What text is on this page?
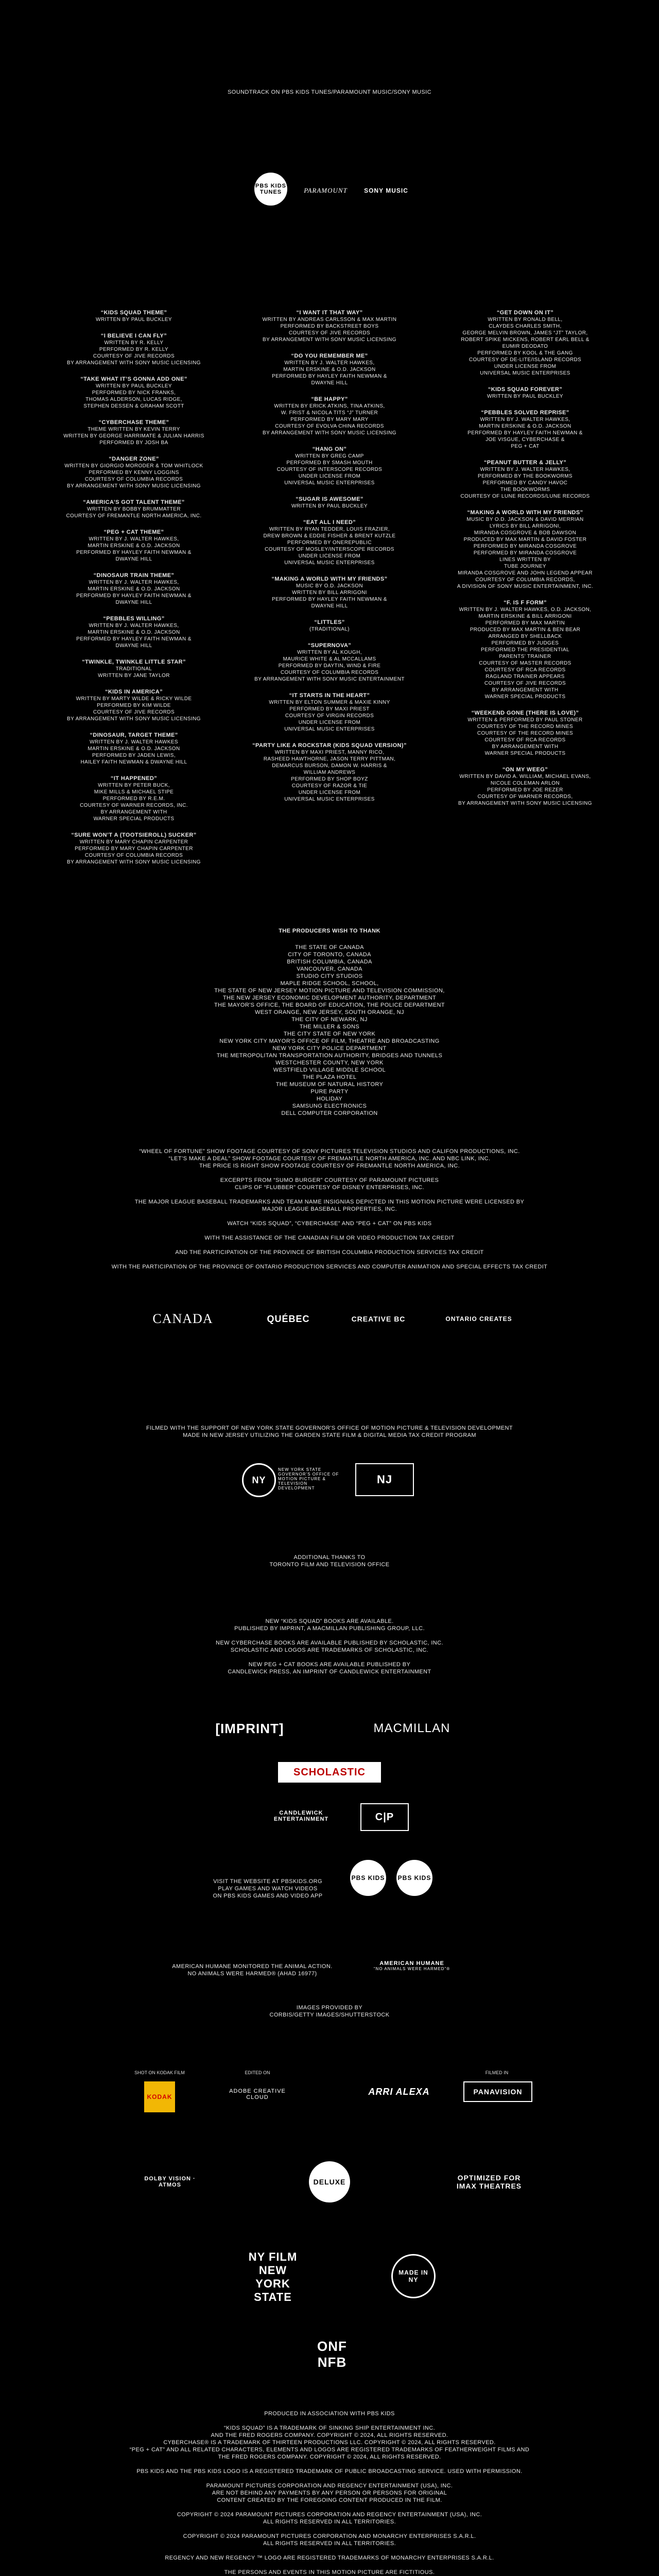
SOUNDTRACK ON PBS KIDS TUNES/PARAMOUNT MUSIC/SONY MUSIC
PBS KIDS TUNES	PARAMOUNT	SONY MUSIC
“KIDS SQUAD THEME”
WRITTEN BY PAUL BUCKLEY
“I BELIEVE I CAN FLY”
WRITTEN BY R. KELLY
PERFORMED BY R. KELLY
COURTESY OF JIVE RECORDS
BY ARRANGEMENT WITH SONY MUSIC LICENSING
“TAKE WHAT IT’S GONNA ADD ONE”
WRITTEN BY PAUL BUCKLEY
PERFORMED BY NICK FRANKS,
THOMAS ALDERSON, LUCAS RIDGE,
STEPHEN DESSEN & GRAHAM SCOTT
“CYBERCHASE THEME”
THEME WRITTEN BY KEVIN TERRY
WRITTEN BY GEORGE HARRIMATE & JULIAN HARRIS
PERFORMED BY JOSH BA
“DANGER ZONE”
WRITTEN BY GIORGIO MORODER & TOM WHITLOCK
PERFORMED BY KENNY LOGGINS
COURTESY OF COLUMBIA RECORDS
BY ARRANGEMENT WITH SONY MUSIC LICENSING
“AMERICA’S GOT TALENT THEME”
WRITTEN BY BOBBY BRUMMATTER
COURTESY OF FREMANTLE NORTH AMERICA, INC.
“PEG + CAT THEME”
WRITTEN BY J. WALTER HAWKES,
MARTIN ERSKINE & O.D. JACKSON
PERFORMED BY HAYLEY FAITH NEWMAN &
DWAYNE HILL
“DINOSAUR TRAIN THEME”
WRITTEN BY J. WALTER HAWKES,
MARTIN ERSKINE & O.D. JACKSON
PERFORMED BY HAYLEY FAITH NEWMAN &
DWAYNE HILL
“PEBBLES WILLING”
WRITTEN BY J. WALTER HAWKES,
MARTIN ERSKINE & O.D. JACKSON
PERFORMED BY HAYLEY FAITH NEWMAN &
DWAYNE HILL
“TWINKLE, TWINKLE LITTLE STAR”
TRADITIONAL
WRITTEN BY JANE TAYLOR
“KIDS IN AMERICA”
WRITTEN BY MARTY WILDE & RICKY WILDE
PERFORMED BY KIM WILDE
COURTESY OF JIVE RECORDS
BY ARRANGEMENT WITH SONY MUSIC LICENSING
“DINOSAUR, TARGET THEME”
WRITTEN BY J. WALTER HAWKES
MARTIN ERSKINE & O.D. JACKSON
PERFORMED BY JADEN LEWIS,
HAILEY FAITH NEWMAN & DWAYNE HILL
“IT HAPPENED”
WRITTEN BY PETER BUCK,
MIKE MILLS & MICHAEL STIPE
PERFORMED BY R.E.M.
COURTESY OF WARNER RECORDS, INC.
BY ARRANGEMENT WITH
WARNER SPECIAL PRODUCTS
“SURE WON’T A (TOOTSIEROLL) SUCKER”
WRITTEN BY MARY CHAPIN CARPENTER
PERFORMED BY MARY CHAPIN CARPENTER
COURTESY OF COLUMBIA RECORDS
BY ARRANGEMENT WITH SONY MUSIC LICENSING
“I WANT IT THAT WAY”
WRITTEN BY ANDREAS CARLSSON & MAX MARTIN
PERFORMED BY BACKSTREET BOYS
COURTESY OF JIVE RECORDS
BY ARRANGEMENT WITH SONY MUSIC LICENSING
“DO YOU REMEMBER ME”
WRITTEN BY J. WALTER HAWKES,
MARTIN ERSKINE & O.D. JACKSON
PERFORMED BY HAYLEY FAITH NEWMAN &
DWAYNE HILL
“BE HAPPY”
WRITTEN BY ERICK ATKINS, TINA ATKINS,
W. FRIST & NICOLA TITS “J” TURNER
PERFORMED BY MARY MARY
COURTESY OF EVOLVA CHINA RECORDS
BY ARRANGEMENT WITH SONY MUSIC LICENSING
“HANG ON”
WRITTEN BY GREG CAMP
PERFORMED BY SMASH MOUTH
COURTESY OF INTERSCOPE RECORDS
UNDER LICENSE FROM
UNIVERSAL MUSIC ENTERPRISES
“SUGAR IS AWESOME”
WRITTEN BY PAUL BUCKLEY
“EAT ALL I NEED”
WRITTEN BY RYAN TEDDER, LOUIS FRAZIER,
DREW BROWN & EDDIE FISHER & BRENT KUTZLE
PERFORMED BY ONEREPUBLIC
COURTESY OF MOSLEY/INTERSCOPE RECORDS
UNDER LICENSE FROM
UNIVERSAL MUSIC ENTERPRISES
“MAKING A WORLD WITH MY FRIENDS”
MUSIC BY O.D. JACKSON
WRITTEN BY BILL ARRIGONI
PERFORMED BY HAYLEY FAITH NEWMAN &
DWAYNE HILL
“LITTLES”
(TRADITIONAL)
“SUPERNOVA”
WRITTEN BY AL KOUGH,
MAURICE WHITE & AL MCCALLAMS
PERFORMED BY DAYTIN, WIND & FIRE
COURTESY OF COLUMBIA RECORDS
BY ARRANGEMENT WITH SONY MUSIC ENTERTAINMENT
“IT STARTS IN THE HEART”
WRITTEN BY ELTON SUMMER & MAXIE KINNY
PERFORMED BY MAXI PRIEST
COURTESY OF VIRGIN RECORDS
UNDER LICENSE FROM
UNIVERSAL MUSIC ENTERPRISES
“PARTY LIKE A ROCKSTAR (KIDS SQUAD VERSION)”
WRITTEN BY MAXI PRIEST, MANNY RICO,
RASHEED HAWTHORNE, JASON TERRY PITTMAN,
DEMARCUS BURSON, DAMON W. HARRIS &
WILLIAM ANDREWS
PERFORMED BY SHOP BOYZ
COURTESY OF RAZOR & TIE
UNDER LICENSE FROM
UNIVERSAL MUSIC ENTERPRISES
“GET DOWN ON IT”
WRITTEN BY RONALD BELL,
CLAYDES CHARLES SMITH,
GEORGE MELVIN BROWN, JAMES “JT” TAYLOR,
ROBERT SPIKE MICKENS, ROBERT EARL BELL &
EUMIR DEODATO
PERFORMED BY KOOL & THE GANG
COURTESY OF DE-LITE/ISLAND RECORDS
UNDER LICENSE FROM
UNIVERSAL MUSIC ENTERPRISES
“KIDS SQUAD FOREVER”
WRITTEN BY PAUL BUCKLEY
“PEBBLES SOLVED REPRISE”
WRITTEN BY J. WALTER HAWKES,
MARTIN ERSKINE & O.D. JACKSON
PERFORMED BY HAYLEY FAITH NEWMAN &
JOE VISGUE, CYBERCHASE &
PEG + CAT
“PEANUT BUTTER & JELLY”
WRITTEN BY J. WALTER HAWKES,
PERFORMED BY THE BOOKWORMS
PERFORMED BY CANDY HAVOC
THE BOOKWORMS
COURTESY OF LUNE RECORDS/LUNE RECORDS
“MAKING A WORLD WITH MY FRIENDS”
MUSIC BY O.D. JACKSON & DAVID MERRIAN
LYRICS BY BILL ARRIGONI,
MIRANDA COSGROVE & BOB DAWSON
PRODUCED BY MAX MARTIN & DAVID FOSTER
PERFORMED BY MIRANDA COSGROVE
PERFORMED BY MIRANDA COSGROVE
LINES WRITTEN BY
TUBE JOURNEY
MIRANDA COSGROVE AND JOHN LEGEND APPEAR
COURTESY OF COLUMBIA RECORDS,
A DIVISION OF SONY MUSIC ENTERTAINMENT, INC.
“F. IS F FORM”
WRITTEN BY J. WALTER HAWKES, O.D. JACKSON,
MARTIN ERSKINE & BILL ARRIGONI
PERFORMED BY MAX MARTIN
PRODUCED BY MAX MARTIN & BEN BEAR
ARRANGED BY SHELLBACK
PERFORMED BY JUDGES
PERFORMED THE PRESIDENTIAL
PARENTS’ TRAINER
COURTESY OF MASTER RECORDS
COURTESY OF RCA RECORDS
RAGLAND TRAINER APPEARS
COURTESY OF JIVE RECORDS
BY ARRANGEMENT WITH
WARNER SPECIAL PRODUCTS
“WEEKEND GONE (THERE IS LOVE)”
WRITTEN & PERFORMED BY PAUL STONER
COURTESY OF THE RECORD MINES
COURTESY OF THE RECORD MINES
COURTESY OF RCA RECORDS
BY ARRANGEMENT WITH
WARNER SPECIAL PRODUCTS
“ON MY WEEG”
WRITTEN BY DAVID A. WILLIAM, MICHAEL EVANS,
NICOLE COLEMAN ARLON
PERFORMED BY JOE REZER
COURTESY OF WARNER RECORDS,
BY ARRANGEMENT WITH SONY MUSIC LICENSING
THE PRODUCERS WISH TO THANK
THE STATE OF CANADA
CITY OF TORONTO, CANADA
BRITISH COLUMBIA, CANADA
VANCOUVER, CANADA
STUDIO CITY STUDIOS
MAPLE RIDGE SCHOOL, SCHOOL,
THE STATE OF NEW JERSEY MOTION PICTURE AND TELEVISION COMMISSION,
THE NEW JERSEY ECONOMIC DEVELOPMENT AUTHORITY, DEPARTMENT
THE MAYOR'S OFFICE, THE BOARD OF EDUCATION, THE POLICE DEPARTMENT
WEST ORANGE, NEW JERSEY, SOUTH ORANGE, NJ
THE CITY OF NEWARK, NJ
THE MILLER & SONS
THE CITY STATE OF NEW YORK
NEW YORK CITY MAYOR'S OFFICE OF FILM, THEATRE AND BROADCASTING
NEW YORK CITY POLICE DEPARTMENT
THE METROPOLITAN TRANSPORTATION AUTHORITY, BRIDGES AND TUNNELS
WESTCHESTER COUNTY, NEW YORK
WESTFIELD VILLAGE MIDDLE SCHOOL
THE PLAZA HOTEL
THE MUSEUM OF NATURAL HISTORY
PURE PARTY
HOLIDAY
SAMSUNG ELECTRONICS
DELL COMPUTER CORPORATION
“WHEEL OF FORTUNE” SHOW FOOTAGE COURTESY OF SONY PICTURES TELEVISION STUDIOS AND CALIFON PRODUCTIONS, INC.
“LET’S MAKE A DEAL” SHOW FOOTAGE COURTESY OF FREMANTLE NORTH AMERICA, INC. AND NBC LINK, INC.
THE PRICE IS RIGHT SHOW FOOTAGE COURTESY OF FREMANTLE NORTH AMERICA, INC.
EXCERPTS FROM “SUMO BURGER” COURTESY OF PARAMOUNT PICTURES
CLIPS OF “FLUBBER” COURTESY OF DISNEY ENTERPRISES, INC.
THE MAJOR LEAGUE BASEBALL TRADEMARKS AND TEAM NAME INSIGNIAS DEPICTED IN THIS MOTION PICTURE WERE LICENSED BY
MAJOR LEAGUE BASEBALL PROPERTIES, INC.
WATCH “KIDS SQUAD”, “CYBERCHASE” AND “PEG + CAT” ON PBS KIDS
WITH THE ASSISTANCE OF THE CANADIAN FILM OR VIDEO PRODUCTION TAX CREDIT
AND THE PARTICIPATION OF THE PROVINCE OF BRITISH COLUMBIA PRODUCTION SERVICES TAX CREDIT
WITH THE PARTICIPATION OF THE PROVINCE OF ONTARIO PRODUCTION SERVICES AND COMPUTER ANIMATION AND SPECIAL EFFECTS TAX CREDIT
CANADA	QUÉBEC	CREATIVE BC	ONTARIO CREATES
FILMED WITH THE SUPPORT OF NEW YORK STATE GOVERNOR'S OFFICE OF MOTION PICTURE & TELEVISION DEVELOPMENT
MADE IN NEW JERSEY UTILIZING THE GARDEN STATE FILM & DIGITAL MEDIA TAX CREDIT PROGRAM
NY
NEW YORK STATE GOVERNOR'S OFFICE OF MOTION PICTURE & TELEVISION DEVELOPMENT
NJ
ADDITIONAL THANKS TO
TORONTO FILM AND TELEVISION OFFICE
NEW “KIDS SQUAD” BOOKS ARE AVAILABLE.
PUBLISHED BY IMPRINT, A MACMILLAN PUBLISHING GROUP, LLC.
NEW CYBERCHASE BOOKS ARE AVAILABLE PUBLISHED BY SCHOLASTIC, INC.
SCHOLASTIC AND LOGOS ARE TRADEMARKS OF SCHOLASTIC, INC.
NEW PEG + CAT BOOKS ARE AVAILABLE PUBLISHED BY
CANDLEWICK PRESS, AN IMPRINT OF CANDLEWICK ENTERTAINMENT
[IMPRINT]	MACMILLAN
SCHOLASTIC
CANDLEWICK ENTERTAINMENT	C|P
VISIT THE WEBSITE AT PBSKIDS.ORG
PLAY GAMES AND WATCH VIDEOS
ON PBS KIDS GAMES AND VIDEO APP
PBS KIDS PBS KIDS
AMERICAN HUMANE MONITORED THE ANIMAL ACTION.
NO ANIMALS WERE HARMED® (AHAD 16977)
AMERICAN HUMANE
“NO ANIMALS WERE HARMED”®
IMAGES PROVIDED BY
CORBIS/GETTY IMAGES/SHUTTERSTOCK
SHOT ON KODAK FILM
KODAK
EDITED ON
ADOBE CREATIVE CLOUD
ARRI ALEXA
FILMED IN
PANAVISION
DOLBY VISION · ATMOS	DELUXE	OPTIMIZED FOR IMAX THEATRES
NY FILM NEW YORK STATE
MADE IN NY
ONF NFB
PRODUCED IN ASSOCIATION WITH PBS KIDS
“KIDS SQUAD” IS A TRADEMARK OF SINKING SHIP ENTERTAINMENT INC.
AND THE FRED ROGERS COMPANY. COPYRIGHT © 2024, ALL RIGHTS RESERVED.
CYBERCHASE® IS A TRADEMARK OF THIRTEEN PRODUCTIONS LLC. COPYRIGHT © 2024, ALL RIGHTS RESERVED.
“PEG + CAT” AND ALL RELATED CHARACTERS, ELEMENTS AND LOGOS ARE REGISTERED TRADEMARKS OF FEATHERWEIGHT FILMS AND
THE FRED ROGERS COMPANY. COPYRIGHT © 2024, ALL RIGHTS RESERVED.
PBS KIDS AND THE PBS KIDS LOGO IS A REGISTERED TRADEMARK OF PUBLIC BROADCASTING SERVICE. USED WITH PERMISSION.
PARAMOUNT PICTURES CORPORATION AND REGENCY ENTERTAINMENT (USA), INC.
ARE NOT BEHIND ANY PAYMENTS BY ANY PERSON OR PERSONS FOR ORIGINAL
CONTENT CREATED BY THE FOREGOING CONTENT PRODUCED IN THE FILM.
COPYRIGHT © 2024 PARAMOUNT PICTURES CORPORATION AND REGENCY ENTERTAINMENT (USA), INC.
ALL RIGHTS RESERVED IN ALL TERRITORIES.
COPYRIGHT © 2024 PARAMOUNT PICTURES CORPORATION AND MONARCHY ENTERPRISES S.A.R.L.
ALL RIGHTS RESERVED IN ALL TERRITORIES.
REGENCY AND NEW REGENCY ™ LOGO ARE REGISTERED TRADEMARKS OF MONARCHY ENTERPRISES S.A.R.L.
THE PERSONS AND EVENTS IN THIS MOTION PICTURE ARE FICTITIOUS.
